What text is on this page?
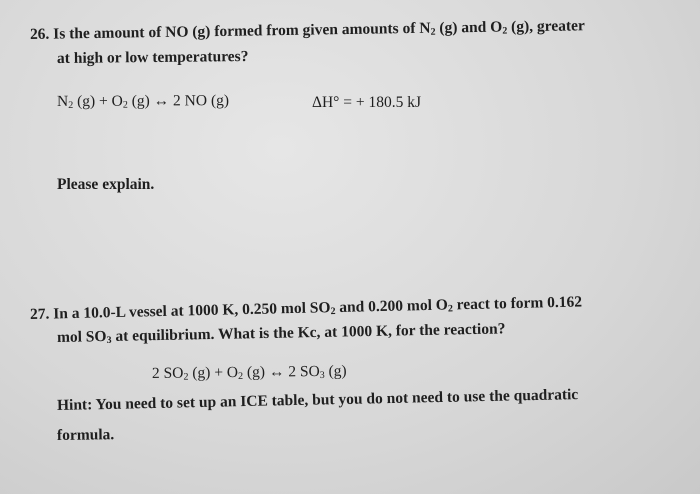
26. Is the amount of NO (g) formed from given amounts of $N_2$ (g) and $O_2$ (g), greater
at high or low temperatures?
$N_2$ $(g) + O_2$ (g) ↔ 2 NO (g)	ΔH° = + 180.5 kJ
Please explain.
27. In a 10.0-L vessel at 1000 K, 0.250 mol $SO_2$ and 0.200 mol $O_2$ react to form 0.162
mol $SO_3$ at equilibrium. What is the Kc, at 1000 K, for the reaction?
2 $SO_2$ $(g) + O_2$ (g) ↔ 2 $SO_3$ (g)
Hint: You need to set up an ICE table, but you do not need to use the quadratic
formula.
